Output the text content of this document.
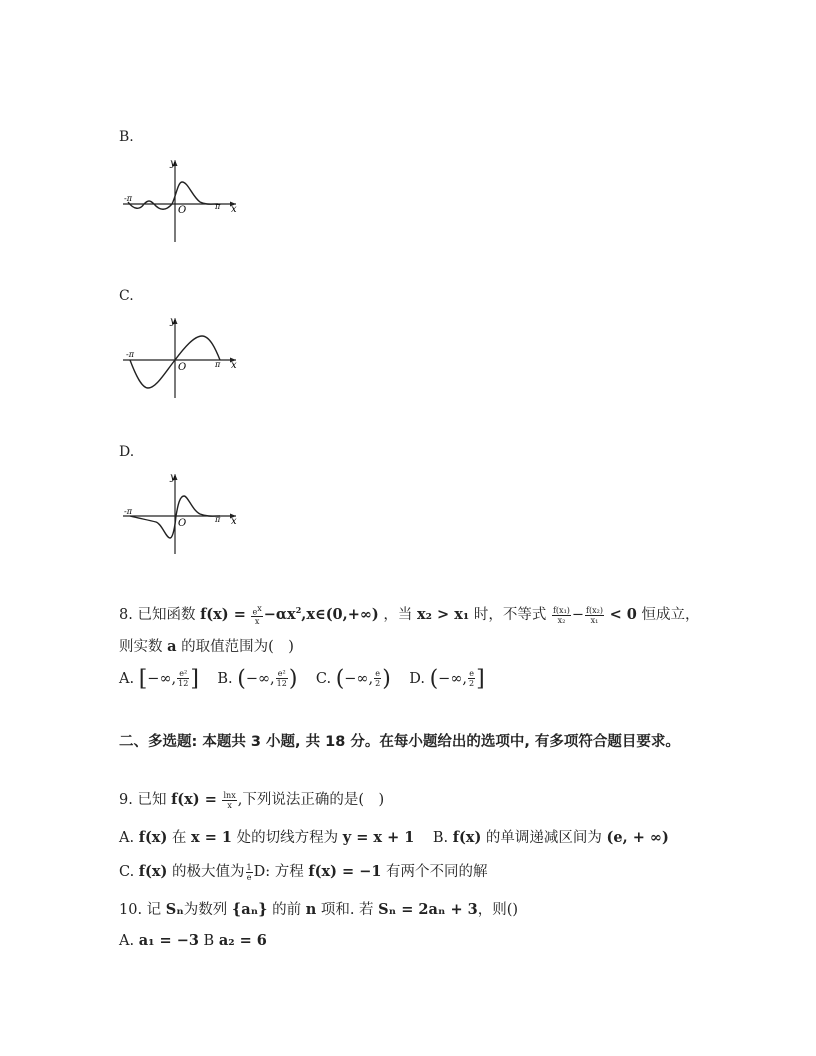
B.
y
x
O
-π
π
C.
y
x
O
-π
π
D.
y
x
O
-π
π
8. 已知函数 $f(x) = \frac{e^x}{x}$ $-\alpha x^2,x\in(0,+\infty)$ ，当 x₂ > x₁ 时，不等式 $\frac{\text{f(x₁)}}{\text{x₂}} - \frac{\text{f(x₂)}}{\text{x₁}} < 0$ 恒成立，
则实数 a 的取值范围为(　)
A. [−∞, $\frac{\text{e²}}{12}$ ] B. (−∞, $\frac{\text{e²}}{12}$ ) C. (−∞, $\frac{e}{2}$ ) D. (−∞, $\frac{e}{2}$ ]
二、多选题: 本题共 3 小题, 共 18 分。在每小题给出的选项中, 有多项符合题目要求。
9. 已知 $f(x) = \frac{\ln x}{x}$ ,下列说法正确的是(　)
A. f(x) 在 x = 1 处的切线方程为 y = x + 1 B. f(x) 的单调递减区间为 (e, + ∞)
C. f(x) 的极大值为 $\frac{1}{e} D$: 方程 f(x) = −1 有两个不同的解
10. 记 Sₙ为数列 {aₙ} 的前 n 项和. 若 Sₙ = 2aₙ + 3，则()
A. a₁ = −3 B a₂ = 6
